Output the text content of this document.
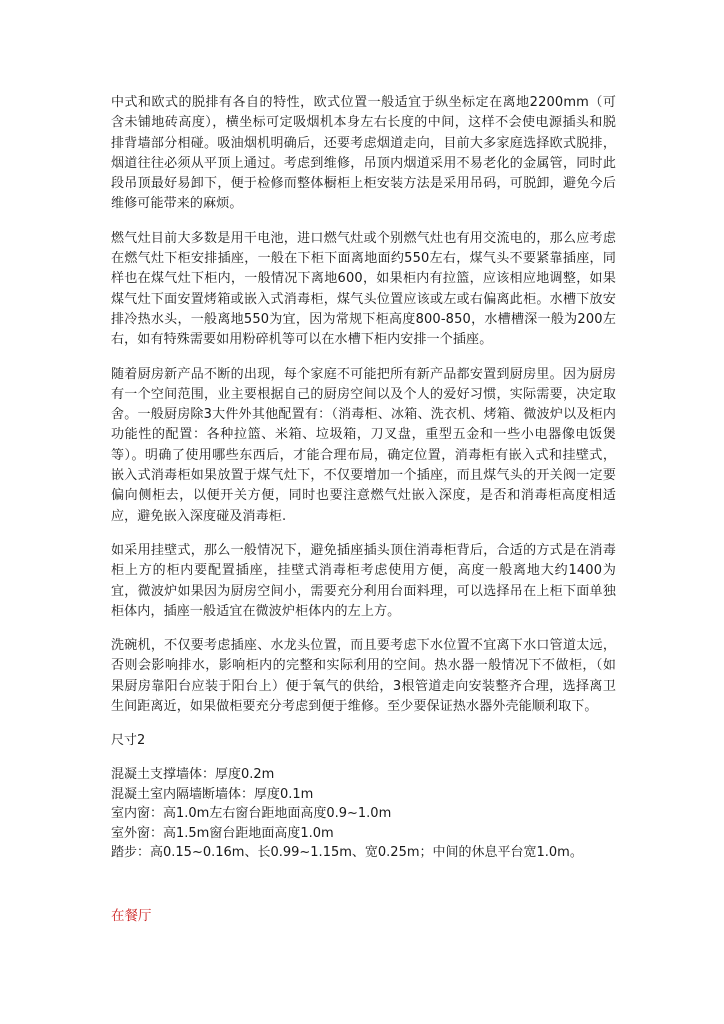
中式和欧式的脱排有各自的特性，欧式位置一般适宜于纵坐标定在离地2200mm（可含未铺地砖高度），横坐标可定吸烟机本身左右长度的中间，这样不会使电源插头和脱排背墙部分相碰。吸油烟机明确后，还要考虑烟道走向，目前大多家庭选择欧式脱排，烟道往往必须从平顶上通过。考虑到维修，吊顶内烟道采用不易老化的金属管，同时此段吊顶最好易卸下，便于检修而整体橱柜上柜安装方法是采用吊码，可脱卸，避免今后维修可能带来的麻烦。

燃气灶目前大多数是用干电池，进口燃气灶或个别燃气灶也有用交流电的，那么应考虑在燃气灶下柜安排插座，一般在下柜下面离地面约550左右，煤气头不要紧靠插座，同样也在煤气灶下柜内，一般情况下离地600，如果柜内有拉篮，应该相应地调整，如果煤气灶下面安置烤箱或嵌入式消毒柜，煤气头位置应该或左或右偏离此柜。水槽下放安排冷热水头，一般离地550为宜，因为常规下柜高度800-850，水槽槽深一般为200左右，如有特殊需要如用粉碎机等可以在水槽下柜内安排一个插座。

随着厨房新产品不断的出现，每个家庭不可能把所有新产品都安置到厨房里。因为厨房有一个空间范围，业主要根据自己的厨房空间以及个人的爱好习惯，实际需要，决定取舍。一般厨房除3大件外其他配置有：（消毒柜、冰箱、洗衣机、烤箱、微波炉以及柜内功能性的配置：各种拉篮、米箱、垃圾箱，刀叉盘，重型五金和一些小电器像电饭煲等）。明确了使用哪些东西后，才能合理布局，确定位置，消毒柜有嵌入式和挂壁式，嵌入式消毒柜如果放置于煤气灶下，不仅要增加一个插座，而且煤气头的开关阀一定要偏向侧柜去，以便开关方便，同时也要注意燃气灶嵌入深度，是否和消毒柜高度相适应，避免嵌入深度碰及消毒柜.

如采用挂壁式，那么一般情况下，避免插座插头顶住消毒柜背后，合适的方式是在消毒柜上方的柜内要配置插座，挂壁式消毒柜考虑使用方便，高度一般离地大约1400为宜，微波炉如果因为厨房空间小，需要充分利用台面料理，可以选择吊在上柜下面单独柜体内，插座一般适宜在微波炉柜体内的左上方。

洗碗机，不仅要考虑插座、水龙头位置，而且要考虑下水位置不宜离下水口管道太远，否则会影响排水，影响柜内的完整和实际利用的空间。热水器一般情况下不做柜，（如果厨房靠阳台应装于阳台上）便于氧气的供给，3根管道走向安装整齐合理，选择离卫生间距离近，如果做柜要充分考虑到便于维修。至少要保证热水器外壳能顺利取下。

尺寸2
混凝土支撑墙体：厚度0.2m
混凝土室内隔墙断墙体：厚度0.1m
室内窗：高1.0m左右窗台距地面高度0.9~1.0m
室外窗：高1.5m窗台距地面高度1.0m
踏步：高0.15~0.16m、长0.99~1.15m、宽0.25m；中间的休息平台宽1.0m。
在餐厅
